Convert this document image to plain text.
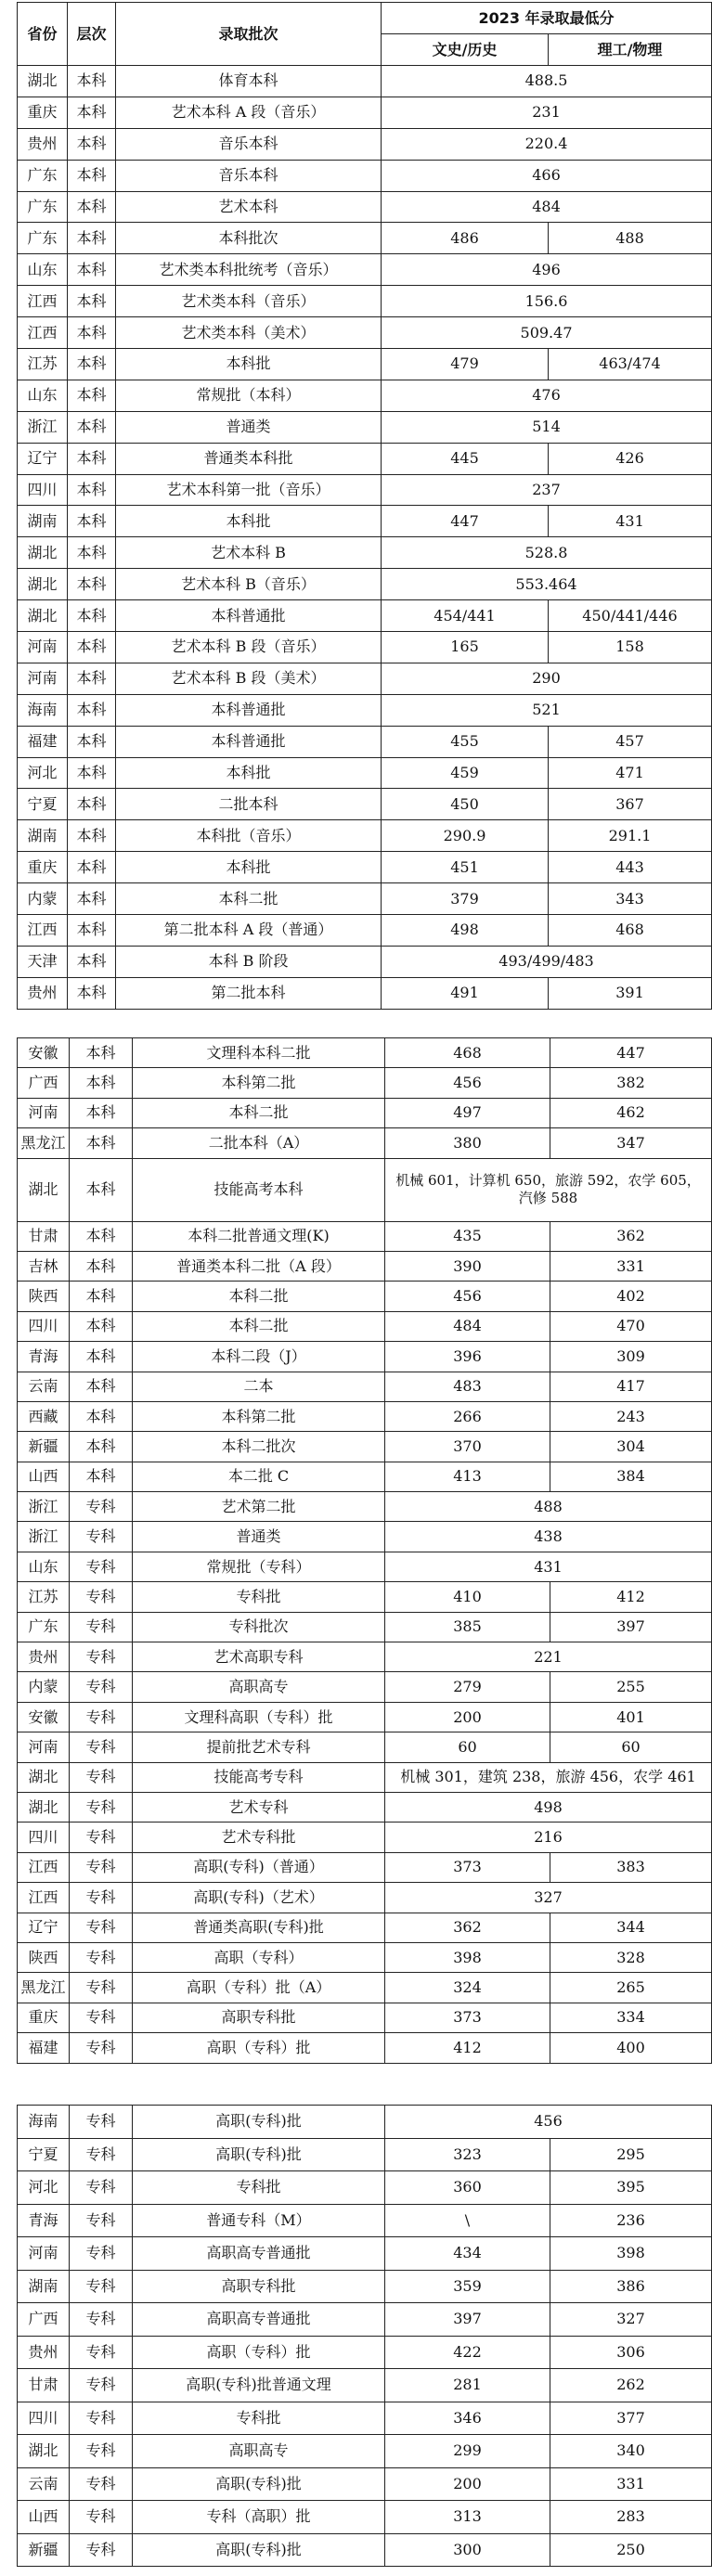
省份	层次	录取批次	2023 年录取最低分	
			文史/历史	理工/物理
湖北	本科	体育本科	488.5	
重庆	本科	艺术本科 A 段（音乐）	231	
贵州	本科	音乐本科	220.4	
广东	本科	音乐本科	466	
广东	本科	艺术本科	484	
广东	本科	本科批次	486	488
山东	本科	艺术类本科批统考（音乐）	496	
江西	本科	艺术类本科（音乐）	156.6	
江西	本科	艺术类本科（美术）	509.47	
江苏	本科	本科批	479	463/474
山东	本科	常规批（本科）	476	
浙江	本科	普通类	514	
辽宁	本科	普通类本科批	445	426
四川	本科	艺术本科第一批（音乐）	237	
湖南	本科	本科批	447	431
湖北	本科	艺术本科 B	528.8	
湖北	本科	艺术本科 B（音乐）	553.464	
湖北	本科	本科普通批	454/441	450/441/446
河南	本科	艺术本科 B 段（音乐）	165	158
河南	本科	艺术本科 B 段（美术）	290	
海南	本科	本科普通批	521	
福建	本科	本科普通批	455	457
河北	本科	本科批	459	471
宁夏	本科	二批本科	450	367
湖南	本科	本科批（音乐）	290.9	291.1
重庆	本科	本科批	451	443
内蒙	本科	本科二批	379	343
江西	本科	第二批本科 A 段（普通）	498	468
天津	本科	本科 B 阶段	493/499/483	
贵州	本科	第二批本科	491	391
安徽	本科	文理科本科二批	468	447
广西	本科	本科第二批	456	382
河南	本科	本科二批	497	462
黑龙江	本科	二批本科（A）	380	347
湖北	本科	技能高考本科	机械 601，计算机 650，旅游 592，农学 605，汽修 588	
甘肃	本科	本科二批普通文理(K)	435	362
吉林	本科	普通类本科二批（A 段）	390	331
陕西	本科	本科二批	456	402
四川	本科	本科二批	484	470
青海	本科	本科二段（J）	396	309
云南	本科	二本	483	417
西藏	本科	本科第二批	266	243
新疆	本科	本科二批次	370	304
山西	本科	本二批 C	413	384
浙江	专科	艺术第二批	488	
浙江	专科	普通类	438	
山东	专科	常规批（专科）	431	
江苏	专科	专科批	410	412
广东	专科	专科批次	385	397
贵州	专科	艺术高职专科	221	
内蒙	专科	高职高专	279	255
安徽	专科	文理科高职（专科）批	200	401
河南	专科	提前批艺术专科	60	60
湖北	专科	技能高考专科	机械 301，建筑 238，旅游 456，农学 461	
湖北	专科	艺术专科	498	
四川	专科	艺术专科批	216	
江西	专科	高职(专科)（普通）	373	383
江西	专科	高职(专科)（艺术）	327	
辽宁	专科	普通类高职(专科)批	362	344
陕西	专科	高职（专科）	398	328
黑龙江	专科	高职（专科）批（A）	324	265
重庆	专科	高职专科批	373	334
福建	专科	高职（专科）批	412	400
海南	专科	高职(专科)批	456	
宁夏	专科	高职(专科)批	323	295
河北	专科	专科批	360	395
青海	专科	普通专科（M）	\	236
河南	专科	高职高专普通批	434	398
湖南	专科	高职专科批	359	386
广西	专科	高职高专普通批	397	327
贵州	专科	高职（专科）批	422	306
甘肃	专科	高职(专科)批普通文理	281	262
四川	专科	专科批	346	377
湖北	专科	高职高专	299	340
云南	专科	高职(专科)批	200	331
山西	专科	专科（高职）批	313	283
新疆	专科	高职(专科)批	300	250
